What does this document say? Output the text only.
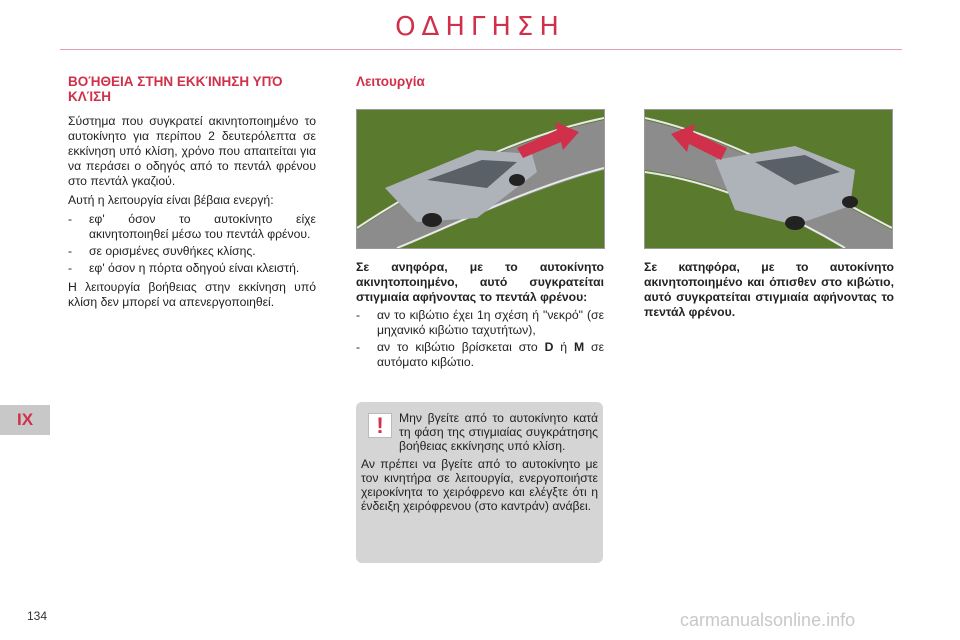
ΟΔΗΓΗΣΗ
IX
ΒΟΉΘΕΙΑ ΣΤΗΝ ΕΚΚΊΝΗΣΗ ΥΠΌ ΚΛΊΣΗ

Σύστημα που συγκρατεί ακινητοποιημένο το αυτοκίνητο για περίπου 2 δευτερόλεπτα σε εκκίνηση υπό κλίση, χρόνο που απαιτείται για να περάσει ο οδηγός από το πεντάλ φρένου στο πεντάλ γκαζιού.

Αυτή η λειτουργία είναι βέβαια ενεργή:

- εφ' όσον το αυτοκίνητο είχε ακινητοποιηθεί μέσω του πεντάλ φρένου.
- σε ορισμένες συνθήκες κλίσης.
- εφ' όσον η πόρτα οδηγού είναι κλειστή.

Η λειτουργία βοήθειας στην εκκίνηση υπό κλίση δεν μπορεί να απενεργοποιηθεί.

Λειτουργία

Σε ανηφόρα, με το αυτοκίνητο ακινητοποιημένο, αυτό συγκρατείται στιγμιαία αφήνοντας το πεντάλ φρένου:

- αν το κιβώτιο έχει 1η σχέση ή "νεκρό" (σε μηχανικό κιβώτιο ταχυτήτων),
- αν το κιβώτιο βρίσκεται στο D ή M σε αυτόματο κιβώτιο.

Σε κατηφόρα, με το αυτοκίνητο ακινητοποιημένο και όπισθεν στο κιβώτιο, αυτό συγκρατείται στιγμιαία αφήνοντας το πεντάλ φρένου.

!	Μην βγείτε από το αυτοκίνητο κατά τη φάση της στιγμιαίας συγκράτησης βοήθειας εκκίνησης υπό κλίση.

Αν πρέπει να βγείτε από το αυτοκίνητο με τον κινητήρα σε λειτουργία, ενεργοποιήστε χειροκίνητα το χειρόφρενο και ελέγξτε ότι η ένδειξη χειρόφρενου (στο καντράν) ανάβει.

134	carmanualsonline.info
